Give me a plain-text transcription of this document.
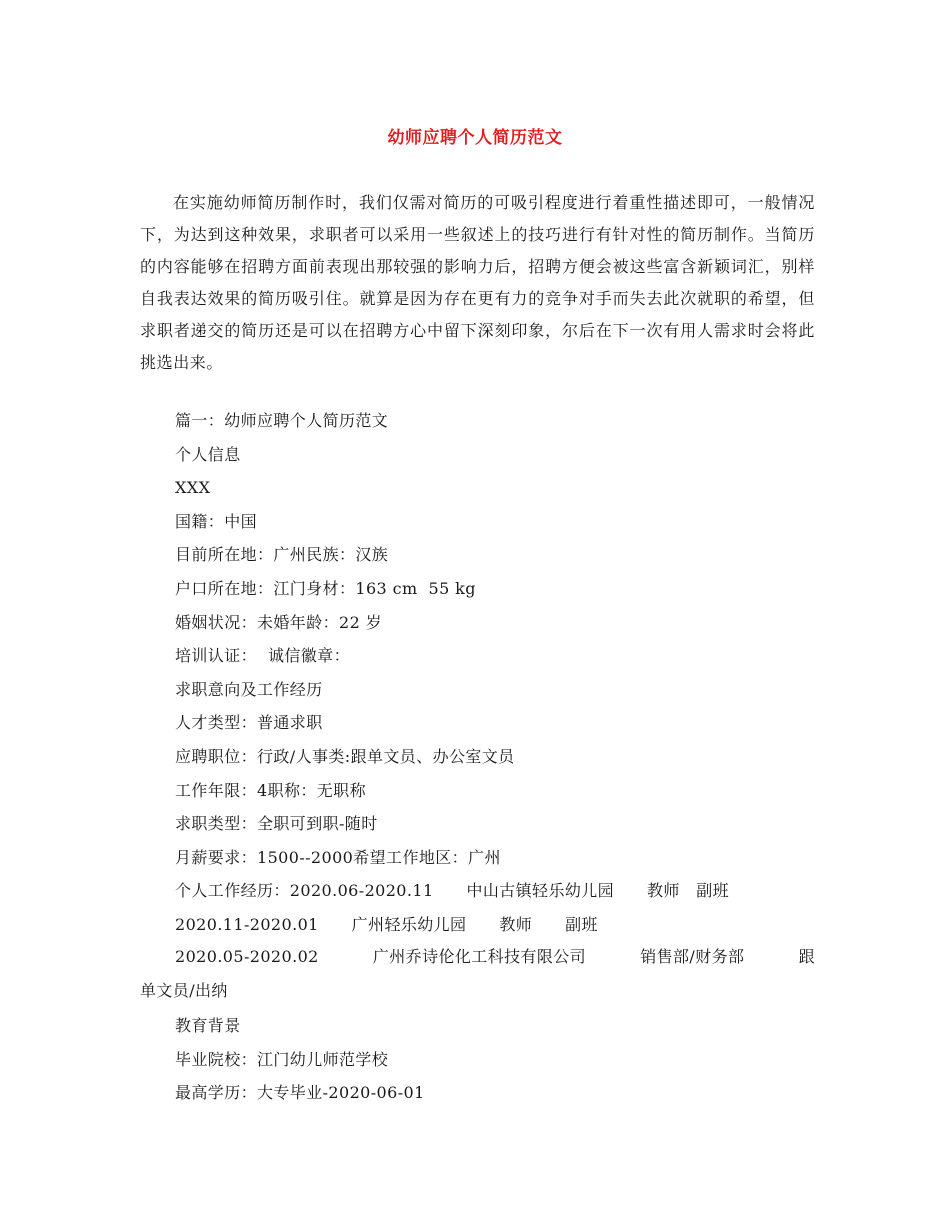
幼师应聘个人简历范文

在实施幼师简历制作时，我们仅需对简历的可吸引程度进行着重性描述即可，一般情况下，为达到这种效果，求职者可以采用一些叙述上的技巧进行有针对性的简历制作。当简历的内容能够在招聘方面前表现出那较强的影响力后，招聘方便会被这些富含新颖词汇，别样自我表达效果的简历吸引住。就算是因为存在更有力的竞争对手而失去此次就职的希望，但求职者递交的简历还是可以在招聘方心中留下深刻印象，尔后在下一次有用人需求时会将此挑选出来。

篇一：幼师应聘个人简历范文
个人信息
XXX
国籍：中国
目前所在地：广州民族：汉族
户口所在地：江门身材：163 cm  55 kg
婚姻状况：未婚年龄：22 岁
培训认证：  诚信徽章：
求职意向及工作经历
人才类型：普通求职
应聘职位：行政/人事类:跟单文员、办公室文员
工作年限：4职称：无职称
求职类型：全职可到职-随时
月薪要求：1500--2000希望工作地区：广州
个人工作经历：2020.06-2020.11      中山古镇轻乐幼儿园      教师   副班
2020.11-2020.01      广州轻乐幼儿园      教师      副班
2020.05-2020.02	广州乔诗伦化工科技有限公司	销售部/财务部	跟
单文员/出纳
教育背景
毕业院校：江门幼儿师范学校
最高学历：大专毕业-2020-06-01
